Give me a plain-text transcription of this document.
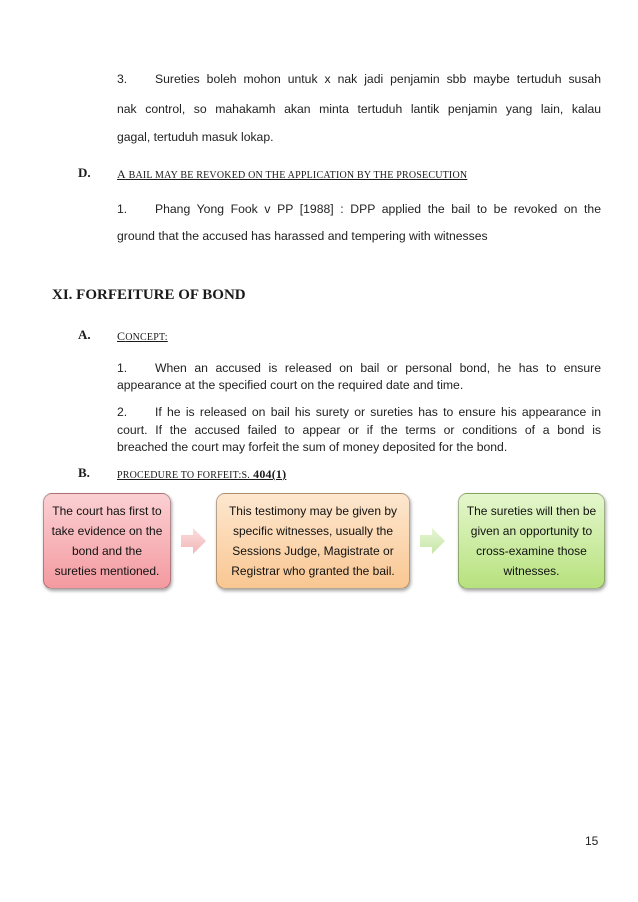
3. Sureties boleh mohon untuk x nak jadi penjamin sbb maybe tertuduh susah
nak control, so mahakamh akan minta tertuduh lantik penjamin yang lain, kalau
gagal, tertuduh masuk lokap.
D. A BAIL MAY BE REVOKED ON THE APPLICATION BY THE PROSECUTION
1. Phang Yong Fook v PP [1988] : DPP applied the bail to be revoked on the
ground that the accused has harassed and tempering with witnesses
XI. FORFEITURE OF BOND
A. CONCEPT:
1. When an accused is released on bail or personal bond, he has to ensure
appearance at the specified court on the required date and time.
2. If he is released on bail his surety or sureties has to ensure his appearance in
court. If the accused failed to appear or if the terms or conditions of a bond is
breached the court may forfeit the sum of money deposited for the bond.
B.	PROCEDURE TO FORFEIT:S. 404(1)
The court has first to
take evidence on the
bond and the
sureties mentioned.
This testimony may be given by
specific witnesses, usually the
Sessions Judge, Magistrate or
Registrar who granted the bail.
The sureties will then be
given an opportunity to
cross-examine those
witnesses.
15
